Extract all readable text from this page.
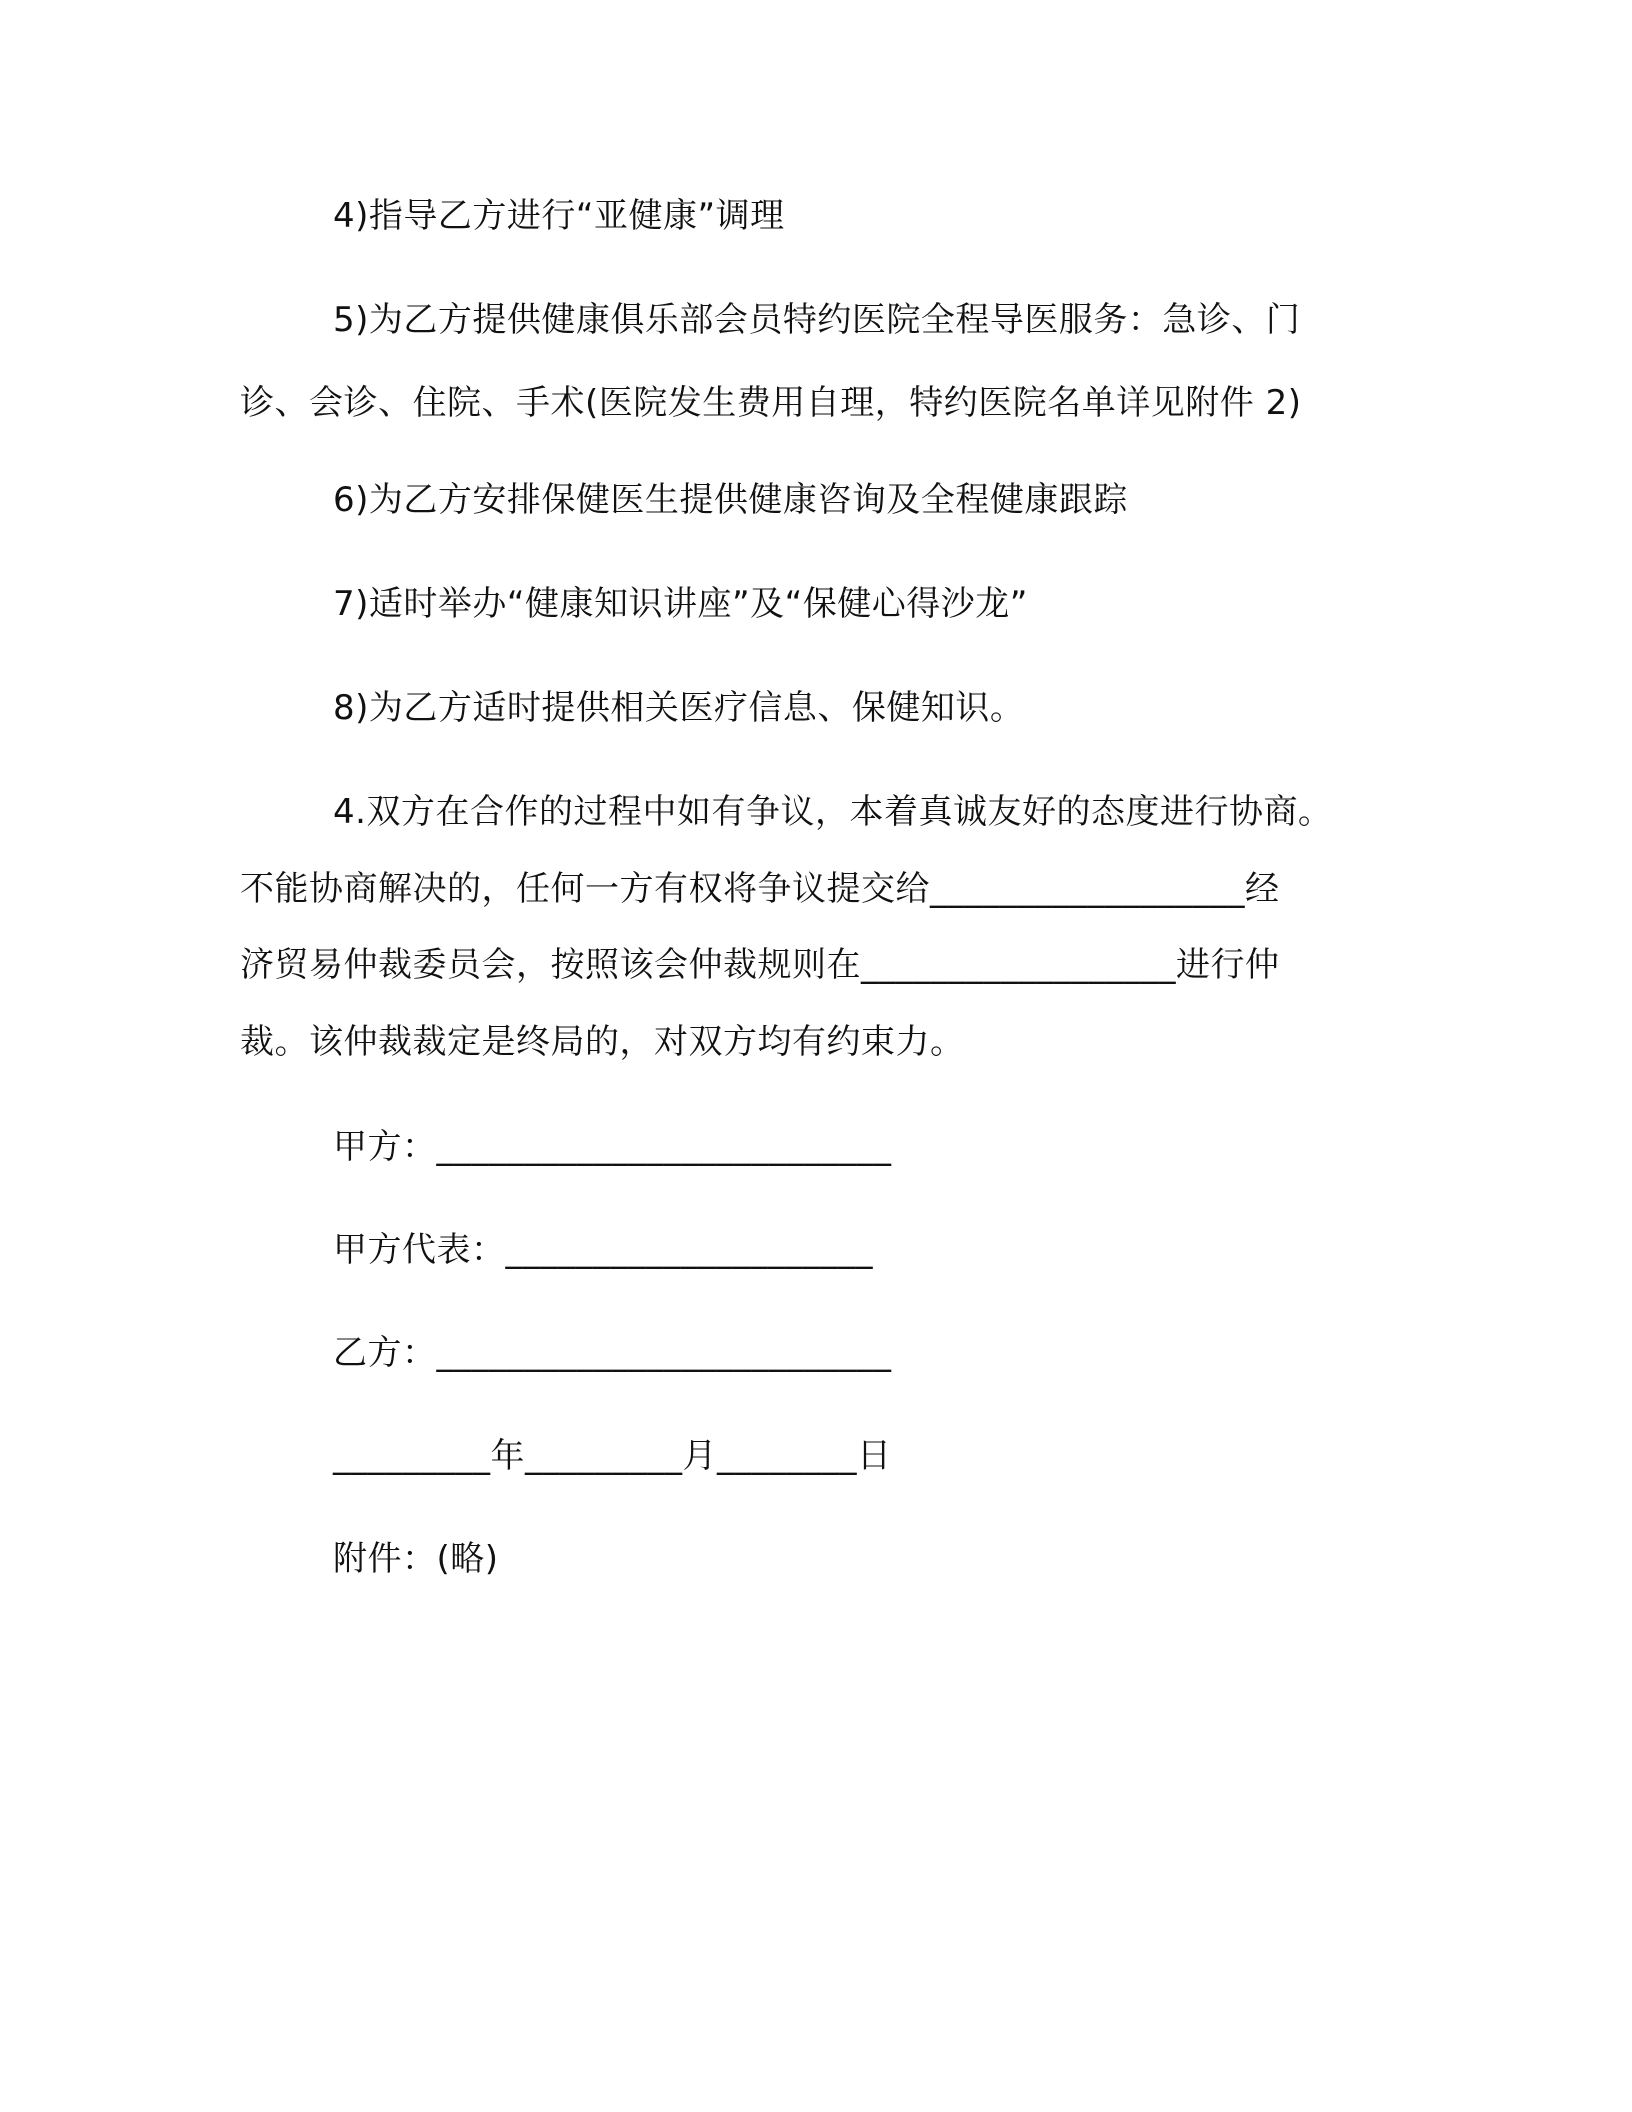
4)指导乙方进行“亚健康”调理
5)为乙方提供健康俱乐部会员特约医院全程导医服务：急诊、门
诊、会诊、住院、手术(医院发生费用自理，特约医院名单详见附件 2)
6)为乙方安排保健医生提供健康咨询及全程健康跟踪
7)适时举办“健康知识讲座”及“保健心得沙龙”
8)为乙方适时提供相关医疗信息、保健知识。
4.双方在合作的过程中如有争议，本着真诚友好的态度进行协商。
不能协商解决的，任何一方有权将争议提交给__________________经
济贸易仲裁委员会，按照该会仲裁规则在__________________进行仲
裁。该仲裁裁定是终局的，对双方均有约束力。
甲方：__________________________
甲方代表：_____________________
乙方：__________________________
_________年_________月________日
附件：(略)
